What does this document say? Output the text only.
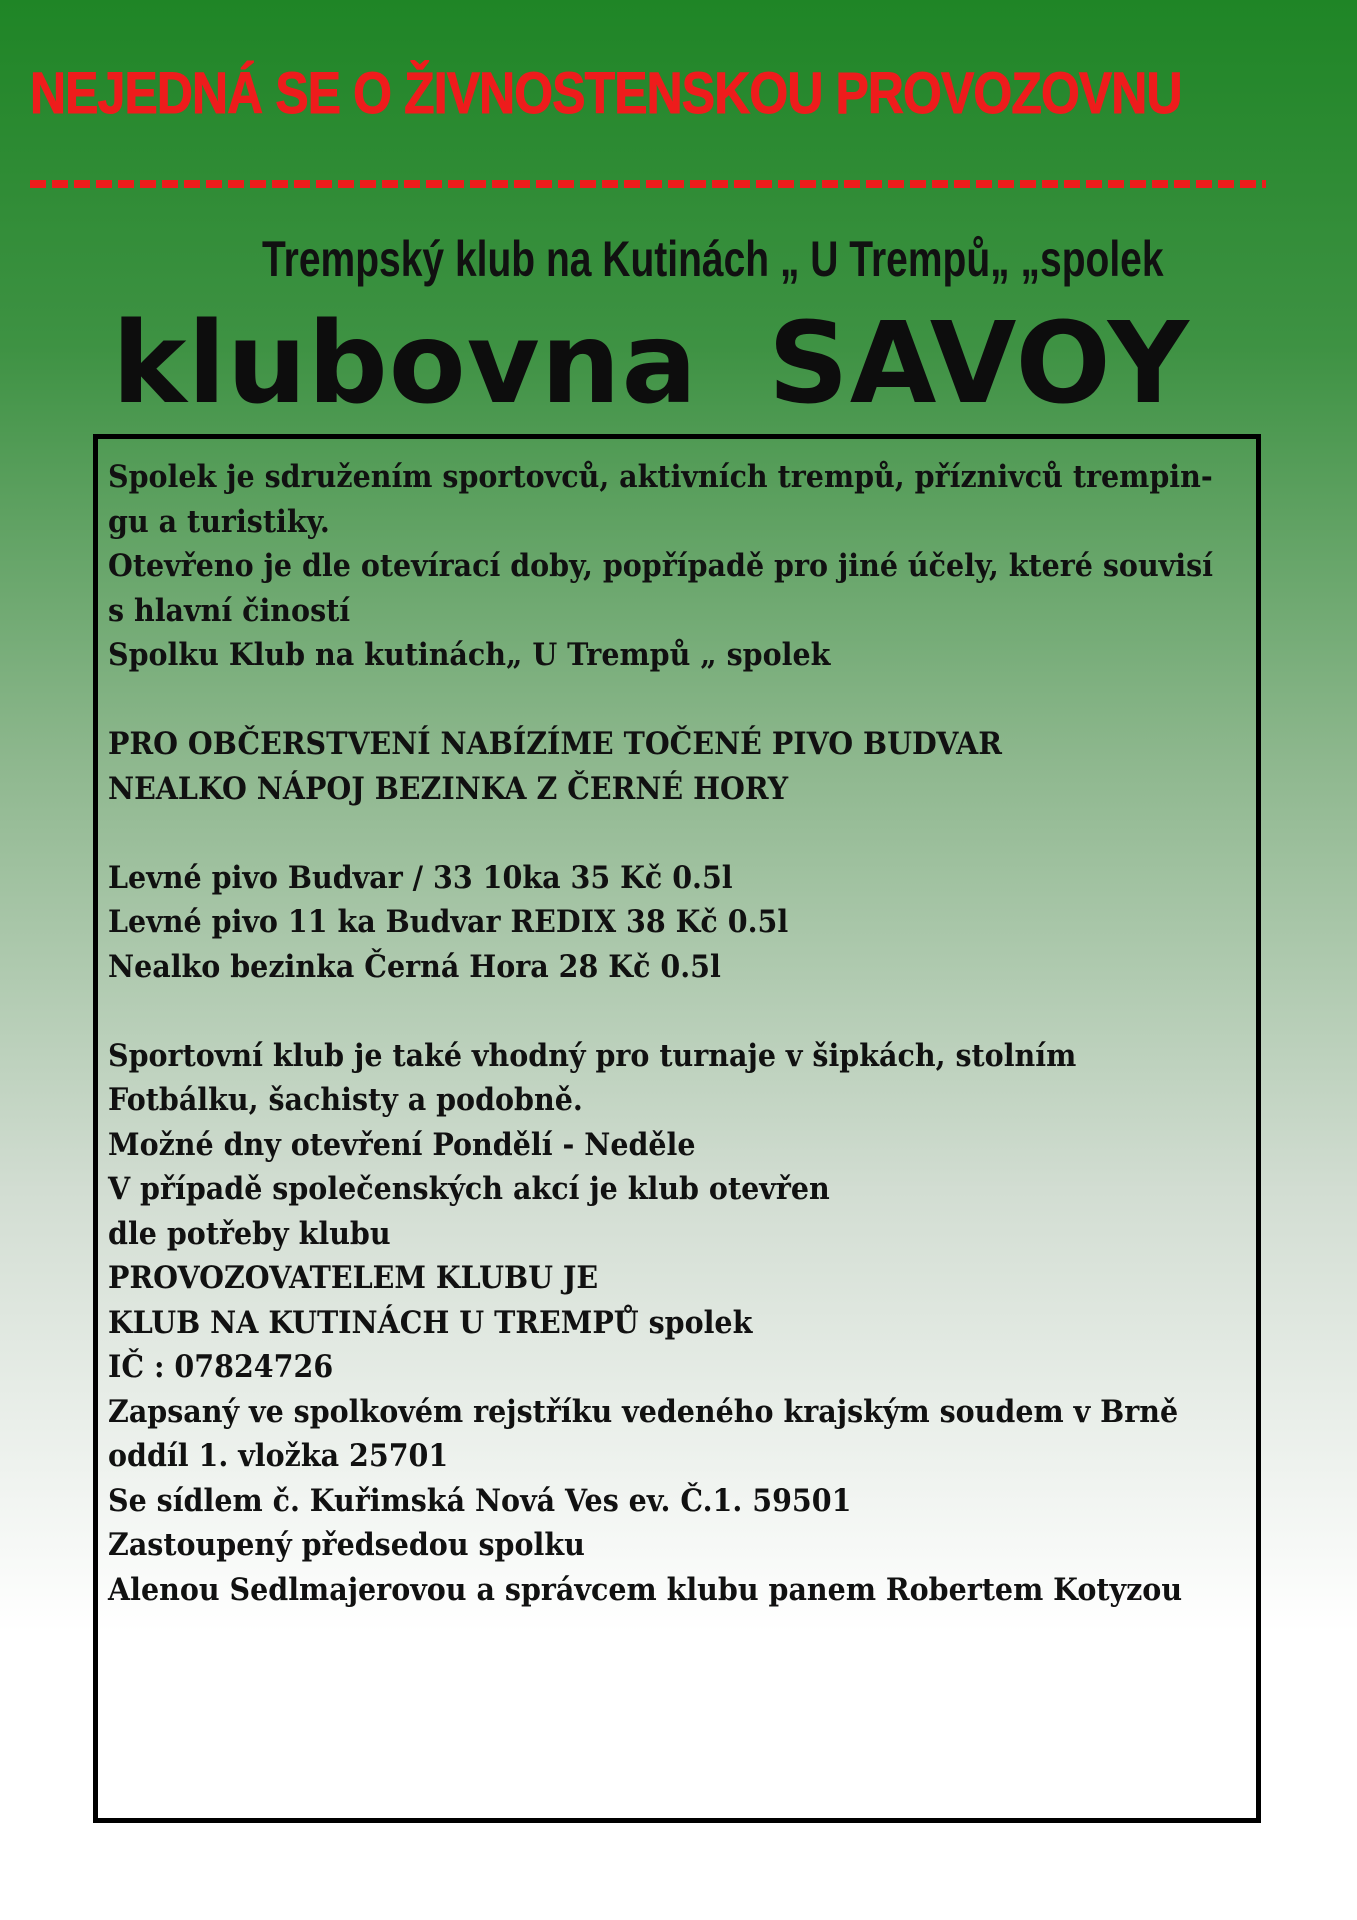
NEJEDNÁ SE O ŽIVNOSTENSKOU PROVOZOVNU
Trempský klub na Kutinách „ U Trempů„ „spolek
klubovna SAVOY

Spolek je sdružením sportovců, aktivních trempů, příznivců trempin-

gu a turistiky.

Otevřeno je dle otevírací doby, popřípadě pro jiné účely, které souvisí

s hlavní čiností

Spolku Klub na kutinách„ U Trempů „ spolek

PRO OBČERSTVENÍ NABÍZÍME TOČENÉ PIVO BUDVAR

NEALKO NÁPOJ BEZINKA Z ČERNÉ HORY

Levné pivo Budvar / 33 10ka 35 Kč 0.5l

Levné pivo 11 ka Budvar REDIX 38 Kč 0.5l

Nealko bezinka Černá Hora 28 Kč 0.5l

Sportovní klub je také vhodný pro turnaje v šipkách, stolním

Fotbálku, šachisty a podobně.

Možné dny otevření Pondělí - Neděle

V případě společenských akcí je klub otevřen

dle potřeby klubu

PROVOZOVATELEM KLUBU JE

KLUB NA KUTINÁCH U TREMPŮ spolek

IČ : 07824726

Zapsaný ve spolkovém rejstříku vedeného krajským soudem v Brně

oddíl 1. vložka 25701

Se sídlem č. Kuřimská Nová Ves ev. Č.1. 59501

Zastoupený předsedou spolku

Alenou Sedlmajerovou a správcem klubu panem Robertem Kotyzou
